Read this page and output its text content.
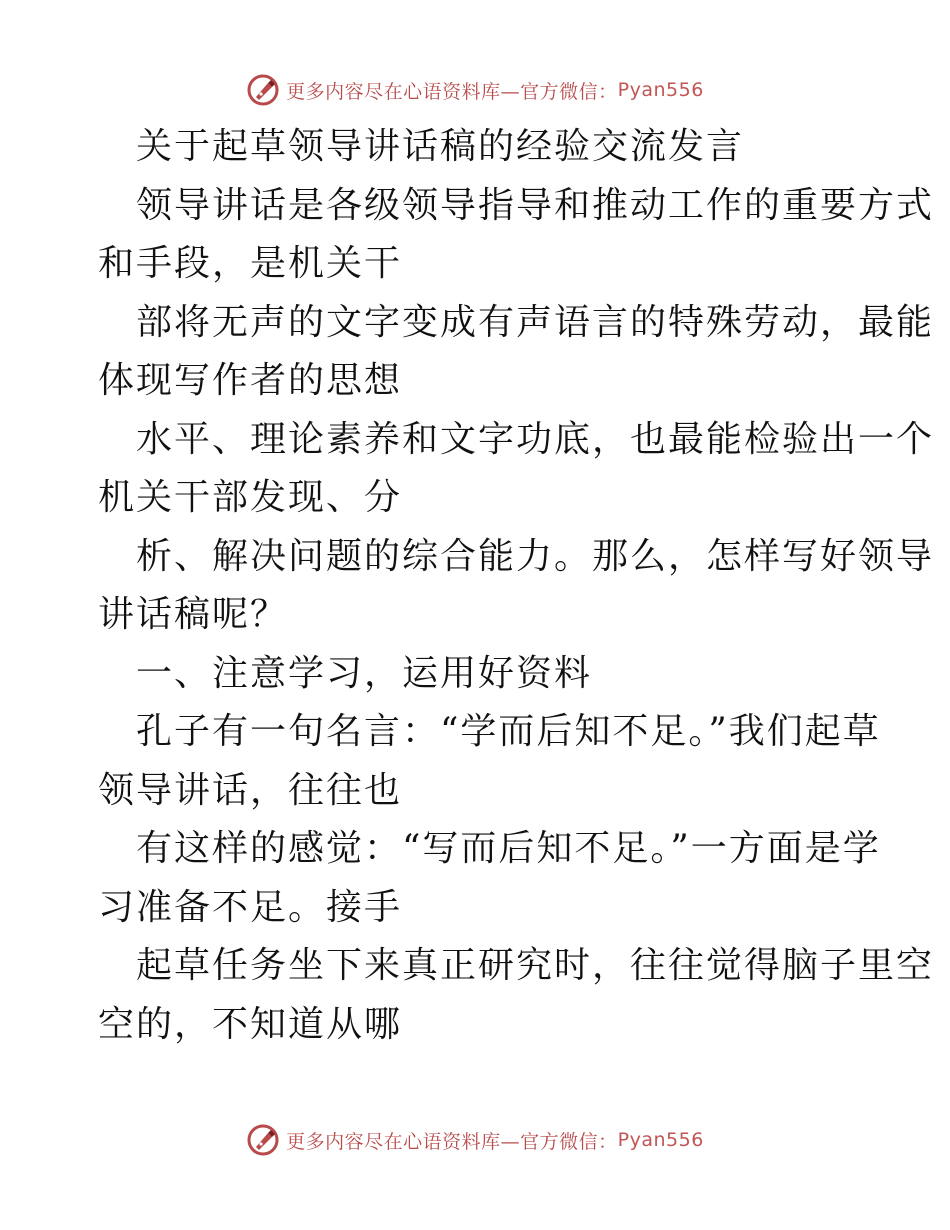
更多内容尽在心语资料库—官方微信： Pyan556
关于起草领导讲话稿的经验交流发言
领导讲话是各级领导指导和推动工作的重要方式
和手段，是机关干
部将无声的文字变成有声语言的特殊劳动，最能
体现写作者的思想
水平、理论素养和文字功底，也最能检验出一个
机关干部发现、分
析、解决问题的综合能力。那么，怎样写好领导
讲话稿呢？
一、注意学习，运用好资料
孔子有一句名言：“学而后知不足。”我们起草
领导讲话，往往也
有这样的感觉：“写而后知不足。”一方面是学
习准备不足。接手
起草任务坐下来真正研究时，往往觉得脑子里空
空的，不知道从哪
更多内容尽在心语资料库—官方微信： Pyan556
